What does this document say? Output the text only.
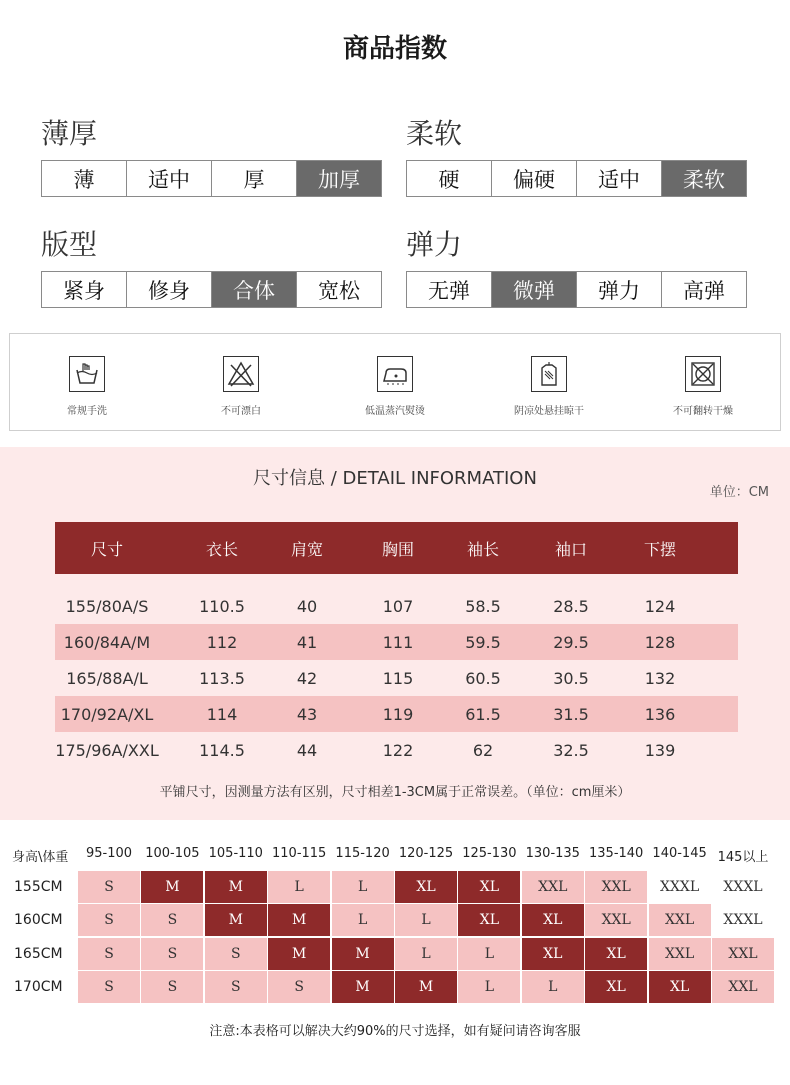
商品指数
薄厚
薄	适中	厚	加厚
柔软
硬	偏硬	适中	柔软
版型
紧身	修身	合体	宽松
弹力
无弹	微弹	弹力	高弹
常规手洗	不可漂白	低温蒸汽熨烫	阴凉处悬挂晾干	不可翻转干燥
尺寸信息 / DETAIL INFORMATION
单位：CM
尺寸	衣长	肩宽	胸围	袖长	袖口	下摆
155/80A/S	110.5	40	107	58.5	28.5	124
160/84A/M	112	41	111	59.5	29.5	128
165/88A/L	113.5	42	115	60.5	30.5	132
170/92A/XL	114	43	119	61.5	31.5	136
175/96A/XXL	114.5	44	122	62	32.5	139
平铺尺寸，因测量方法有区别，尺寸相差1-3CM属于正常误差。（单位：cm厘米）
身高\体重	95-100	100-105 105-110 110-115 115-120 120-125 125-130 130-135 135-140 140-145 145以上
155CM	S	M	M	L	L	XL	XL	XXL	XXL	XXXL	XXXL
160CM	S	S	M	M	L	L	XL	XL	XXL	XXL	XXXL
165CM	S	S	S	M	M	L	L	XL	XL	XXL	XXL
170CM	S	S	S	S	M	M	L	L	XL	XL	XXL
注意:本表格可以解决大约90%的尺寸选择，如有疑问请咨询客服
